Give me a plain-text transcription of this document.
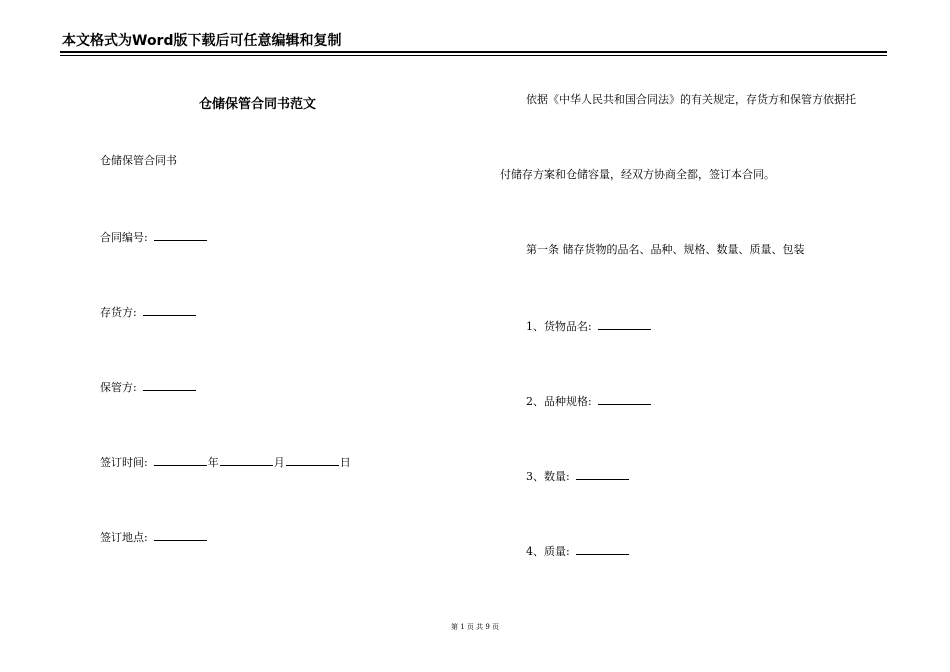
本文格式为Word版下载后可任意编辑和复制
仓储保管合同书范文
仓储保管合同书
合同编号:
存货方:
保管方:
签订时间:	年	月	日
签订地点:
依据《中华人民共和国合同法》的有关规定，存货方和保管方依据托
付储存方案和仓储容量，经双方协商全都，签订本合同。
第一条 储存货物的品名、品种、规格、数量、质量、包装
1、货物品名:
2、品种规格:
3、数量:
4、质量:
第 1 页 共 9 页
